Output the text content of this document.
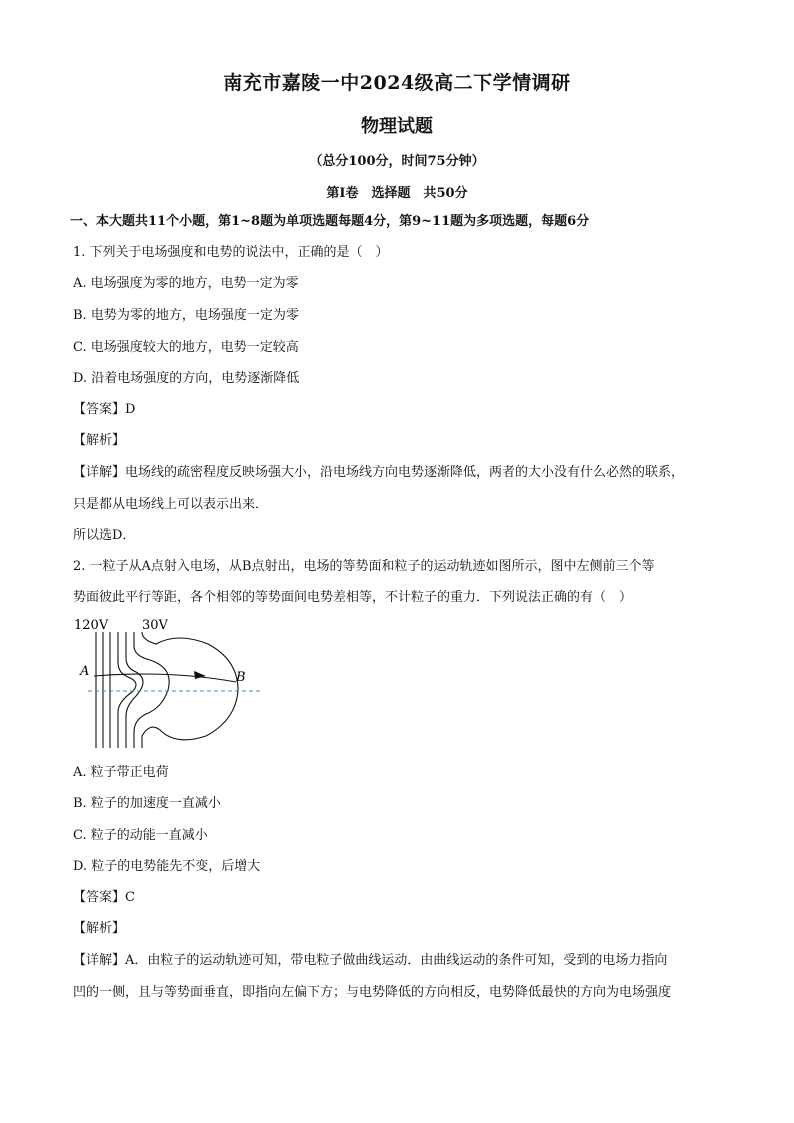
南充市嘉陵一中2024级高二下学情调研
物理试题
（总分100分，时间75分钟）
第Ⅰ卷　选择题　共50分
一、本大题共11个小题，第1~8题为单项选题每题4分，第9~11题为多项选题，每题6分
1. 下列关于电场强度和电势的说法中，正确的是（　）
A. 电场强度为零的地方，电势一定为零
B. 电势为零的地方，电场强度一定为零
C. 电场强度较大的地方，电势一定较高
D. 沿着电场强度的方向，电势逐渐降低
【答案】D
【解析】
【详解】电场线的疏密程度反映场强大小，沿电场线方向电势逐渐降低，两者的大小没有什么必然的联系，
只是都从电场线上可以表示出来．
所以选D．
2. 一粒子从A点射入电场，从B点射出，电场的等势面和粒子的运动轨迹如图所示，图中左侧前三个等
势面彼此平行等距，各个相邻的等势面间电势差相等，不计粒子的重力．下列说法正确的有（　）
120V	30V
A	B
A. 粒子带正电荷
B. 粒子的加速度一直减小
C. 粒子的动能一直减小
D. 粒子的电势能先不变，后增大
【答案】C
【解析】
【详解】A．由粒子的运动轨迹可知，带电粒子做曲线运动．由曲线运动的条件可知，受到的电场力指向
凹的一侧，且与等势面垂直，即指向左偏下方；与电势降低的方向相反，电势降低最快的方向为电场强度
